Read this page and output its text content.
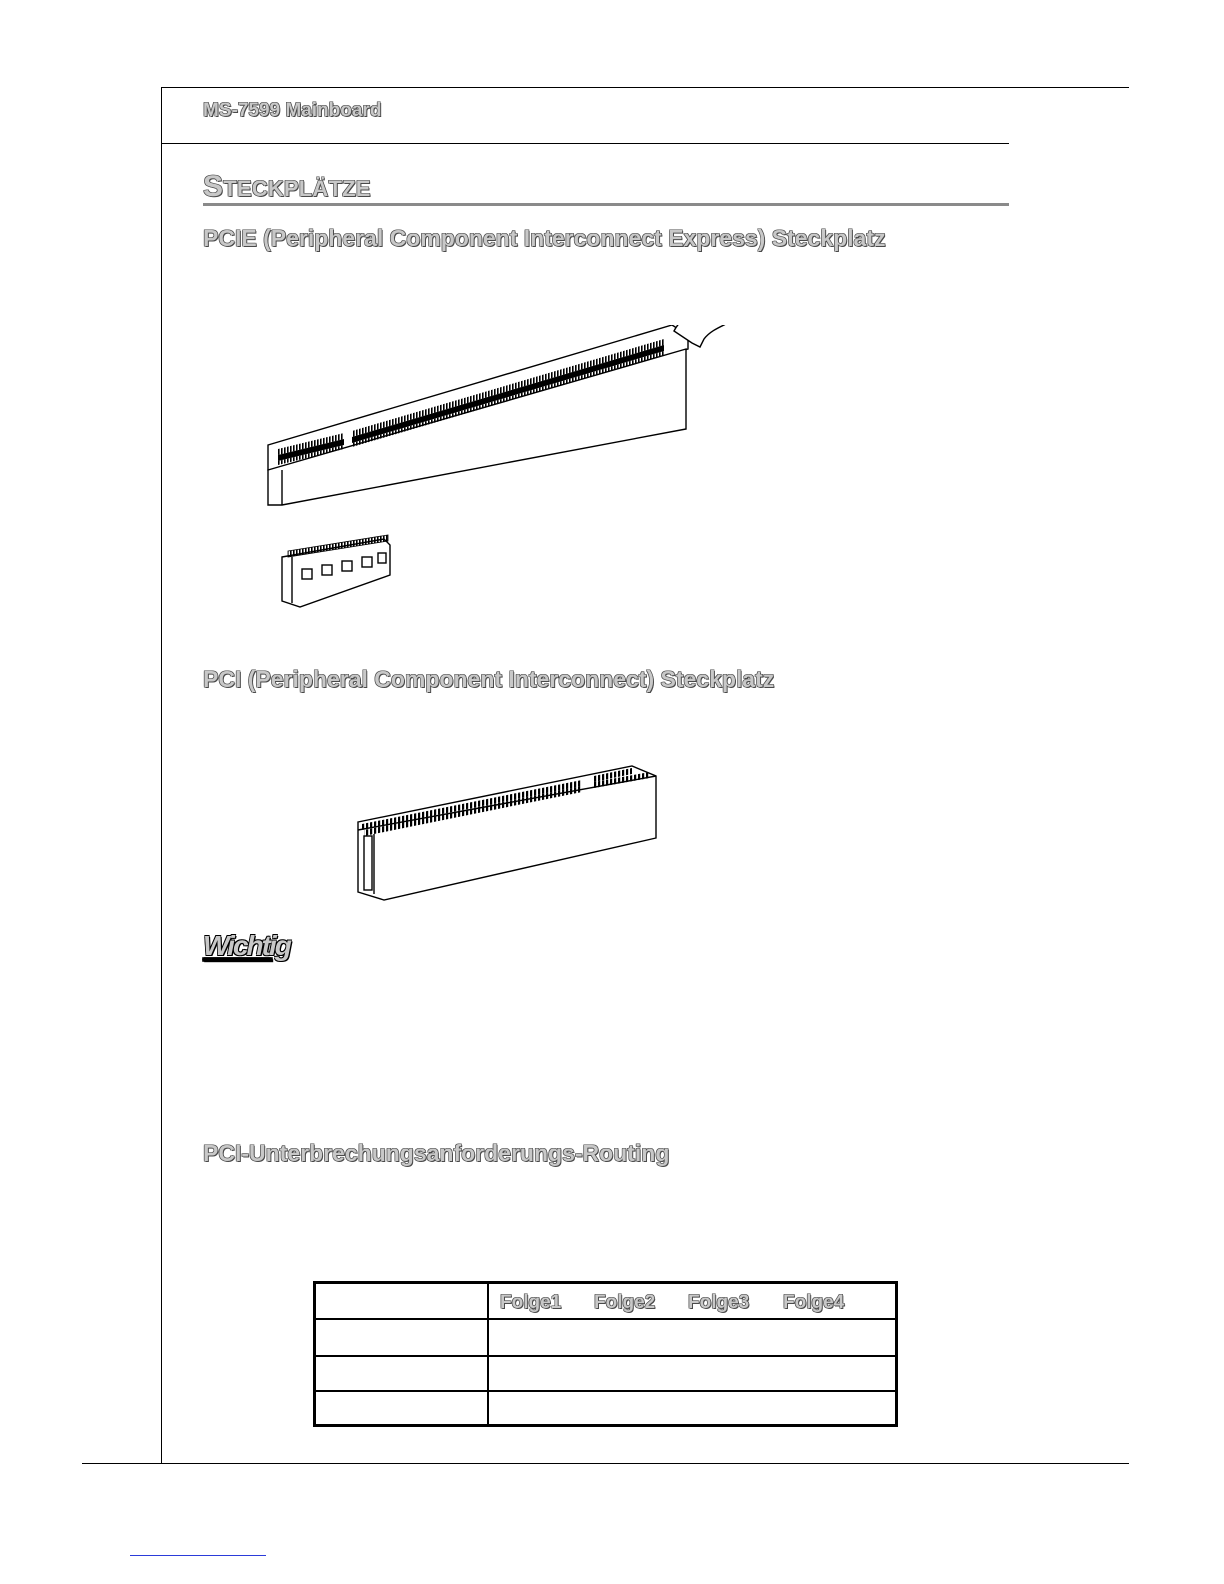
MS-7599 Mainboard
STECKPLÄTZE
PCIE (Peripheral Component Interconnect Express) Steckplatz
PCI (Peripheral Component Interconnect) Steckplatz
Wichtig
PCI-Unterbrechungsanforderungs-Routing
Folge1 Folge2 Folge3 Folge4
